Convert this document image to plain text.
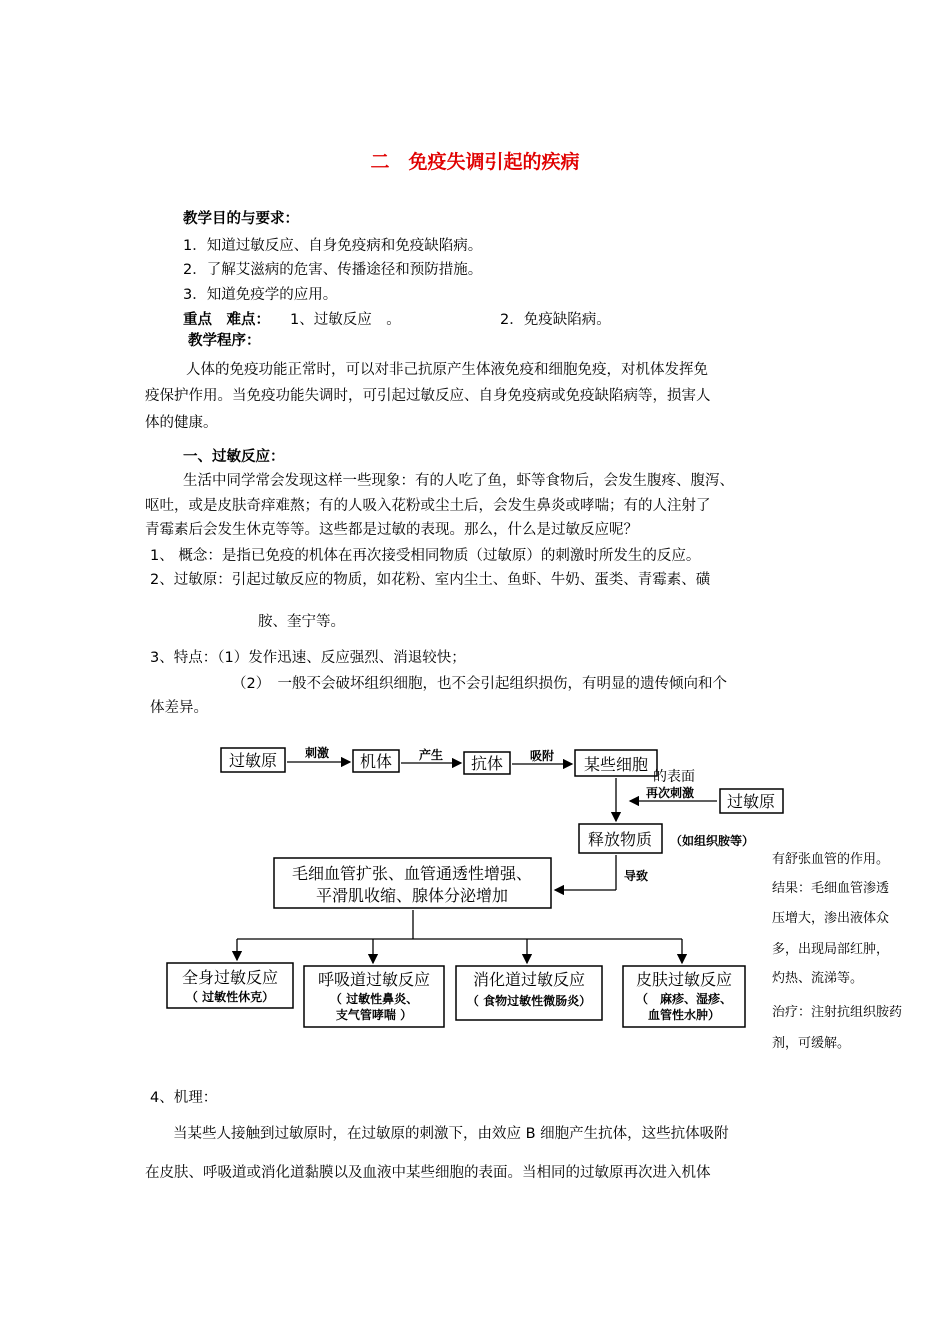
二　免疫失调引起的疾病
教学目的与要求：
1．知道过敏反应、自身免疫病和免疫缺陷病。
2．了解艾滋病的危害、传播途径和预防措施。
3．知道免疫学的应用。
重点　难点： 1、过敏反应　。	2．免疫缺陷病。
教学程序：
人体的免疫功能正常时，可以对非己抗原产生体液免疫和细胞免疫，对机体发挥免
疫保护作用。当免疫功能失调时，可引起过敏反应、自身免疫病或免疫缺陷病等，损害人
体的健康。
一、过敏反应：
生活中同学常会发现这样一些现象：有的人吃了鱼，虾等食物后，会发生腹疼、腹泻、
呕吐，或是皮肤奇痒难熬；有的人吸入花粉或尘土后，会发生鼻炎或哮喘；有的人注射了
青霉素后会发生休克等等。这些都是过敏的表现。那么，什么是过敏反应呢？
1、 概念：是指已免疫的机体在再次接受相同物质（过敏原）的刺激时所发生的反应。
2、过敏原：引起过敏反应的物质，如花粉、室内尘土、鱼虾、牛奶、蛋类、青霉素、磺
胺、奎宁等。
3、特点：（1）发作迅速、反应强烈、消退较快；
（2）　一般不会破坏组织细胞，也不会引起组织损伤，有明显的遗传倾向和个
体差异。
过敏原	机体	抗体	某些细胞
过敏原
释放物质
毛细血管扩张、血管通透性增强、
平滑肌收缩、腺体分泌增加
全身过敏反应 呼吸道过敏反应	消化道过敏反应	皮肤过敏反应
刺激	产生	吸附
再次刺激
（如组织胺等）
导致
（ 过敏性休克）	（ 过敏性鼻炎、
支气管哮喘 ）
（ 食物过敏性微肠炎）	（　麻疹、湿疹、
血管性水肿）
的表面
有舒张血管的作用。
结果：毛细血管渗透
压增大，渗出液体众
多，出现局部红肿，
灼热、流涕等。
治疗：注射抗组织胺药
剂，可缓解。
4、机理：
当某些人接触到过敏原时，在过敏原的刺激下，由效应 B 细胞产生抗体，这些抗体吸附
在皮肤、呼吸道或消化道黏膜以及血液中某些细胞的表面。当相同的过敏原再次进入机体
